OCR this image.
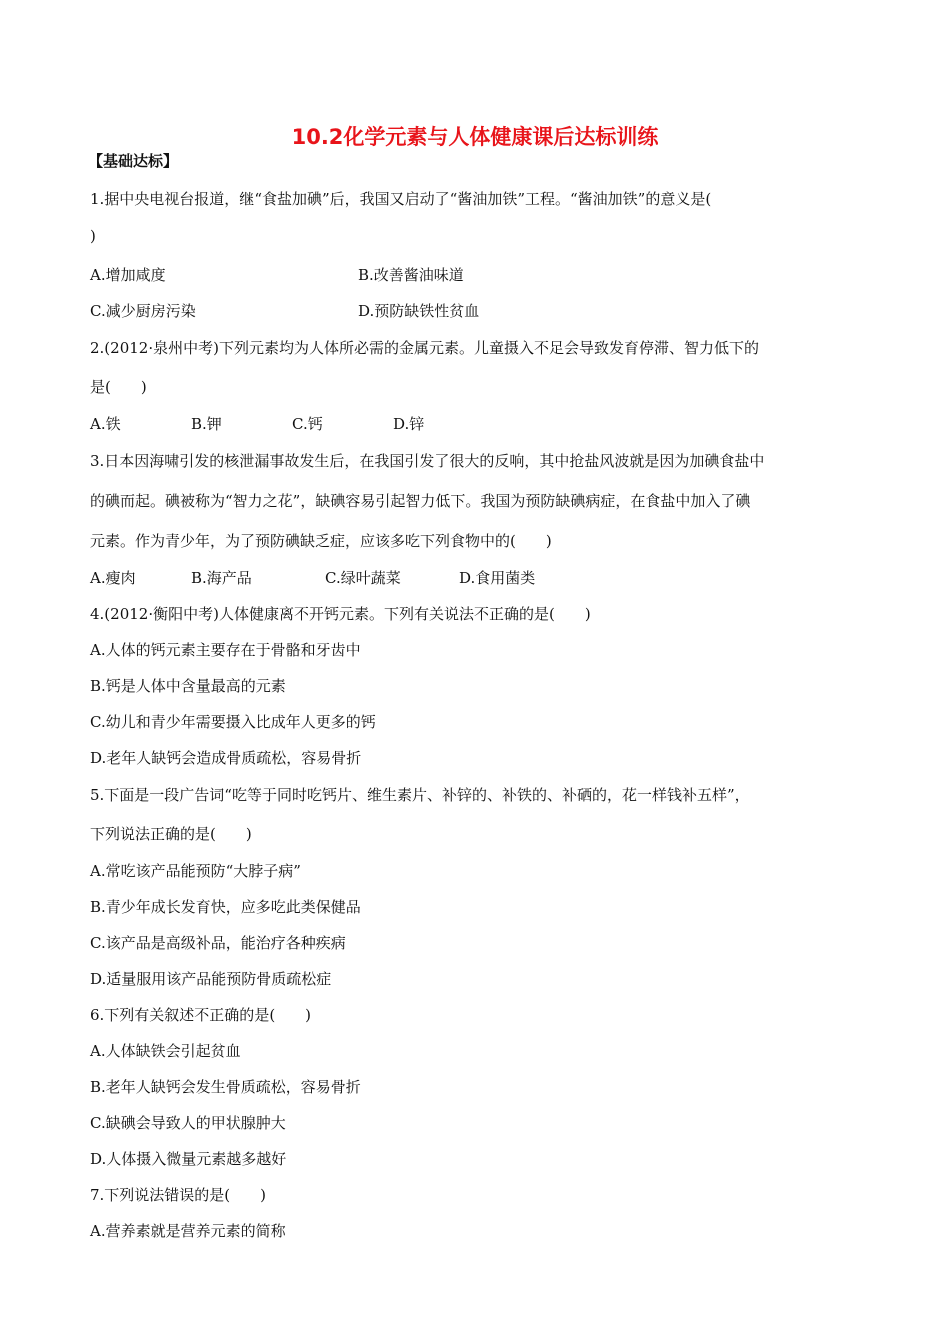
10.2化学元素与人体健康课后达标训练
【基础达标】
1.据中央电视台报道，继“食盐加碘”后，我国又启动了“酱油加铁”工程。“酱油加铁”的意义是(
)
A.增加咸度	B.改善酱油味道
C.减少厨房污染	D.预防缺铁性贫血
2.(2012·泉州中考)下列元素均为人体所必需的金属元素。儿童摄入不足会导致发育停滞、智力低下的
是(　　)
A.铁	B.钾	C.钙	D.锌
3.日本因海啸引发的核泄漏事故发生后，在我国引发了很大的反响，其中抢盐风波就是因为加碘食盐中
的碘而起。碘被称为“智力之花”，缺碘容易引起智力低下。我国为预防缺碘病症，在食盐中加入了碘
元素。作为青少年，为了预防碘缺乏症，应该多吃下列食物中的(　　)
A.瘦肉	B.海产品	C.绿叶蔬菜	D.食用菌类
4.(2012·衡阳中考)人体健康离不开钙元素。下列有关说法不正确的是(　　)
A.人体的钙元素主要存在于骨骼和牙齿中
B.钙是人体中含量最高的元素
C.幼儿和青少年需要摄入比成年人更多的钙
D.老年人缺钙会造成骨质疏松，容易骨折
5.下面是一段广告词“吃等于同时吃钙片、维生素片、补锌的、补铁的、补硒的，花一样钱补五样”，
下列说法正确的是(　　)
A.常吃该产品能预防“大脖子病”
B.青少年成长发育快，应多吃此类保健品
C.该产品是高级补品，能治疗各种疾病
D.适量服用该产品能预防骨质疏松症
6.下列有关叙述不正确的是(　　)
A.人体缺铁会引起贫血
B.老年人缺钙会发生骨质疏松，容易骨折
C.缺碘会导致人的甲状腺肿大
D.人体摄入微量元素越多越好
7.下列说法错误的是(　　)
A.营养素就是营养元素的简称
